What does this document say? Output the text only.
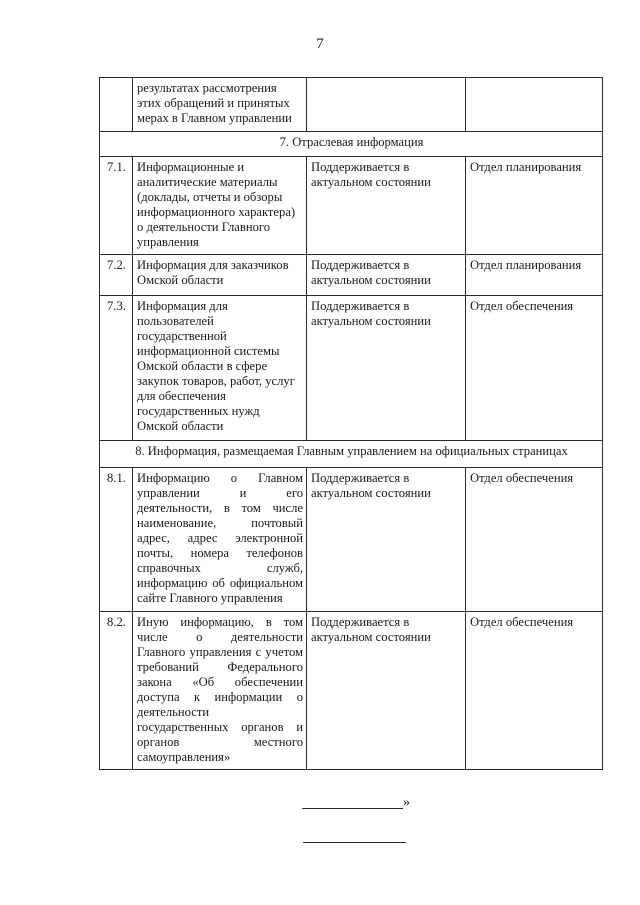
7
	результатах рассмотрения этих обращений и принятых мерах в Главном управлении		
7. Отраслевая информация			
7.1.	Информационные и аналитические материалы (доклады, отчеты и обзоры информационного характера) о деятельности Главного управления	Поддерживается в актуальном состоянии	Отдел планирования
7.2.	Информация для заказчиков Омской области	Поддерживается в актуальном состоянии	Отдел планирования
7.3.	Информация для пользователей государственной информационной системы Омской области в сфере закупок товаров, работ, услуг для обеспечения государственных нужд Омской области	Поддерживается в актуальном состоянии	Отдел обеспечения
8. Информация, размещаемая Главным управлением на официальных страницах			
8.1.	Информацию о Главном управлении и его деятельности, в том числе наименование, почтовый адрес, адрес электронной почты, номера телефонов справочных служб, информацию об официальном сайте Главного управления	Поддерживается в актуальном состоянии	Отдел обеспечения
8.2.	Иную информацию, в том числе о деятельности Главного управления с учетом требований Федерального закона «Об обеспечении доступа к информации о деятельности государственных органов и органов местного самоуправления»	Поддерживается в актуальном состоянии	Отдел обеспечения
»
